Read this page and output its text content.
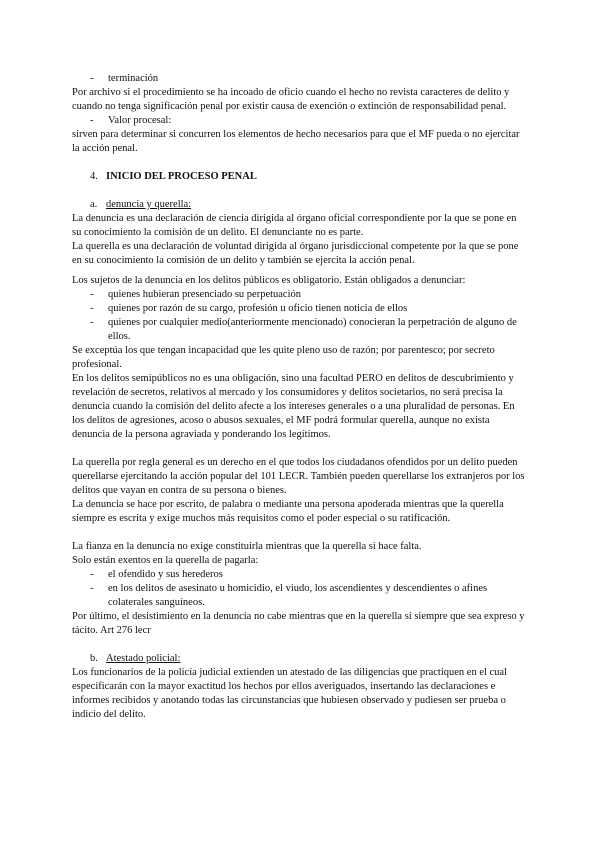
- terminación

Por archivo si el procedimiento se ha incoado de oficio cuando el hecho no revista caracteres de delito y cuando no tenga significación penal por existir causa de exención o extinción de responsabilidad penal.

- Valor procesal:

sirven para determinar si concurren los elementos de hecho necesarios para que el MF pueda o no ejercitar la acción penal.

4. INICIO DEL PROCESO PENAL
a. denuncia y querella:

La denuncia es una declaración de ciencia dirigida al órgano oficial correspondiente por la que se pone en su conocimiento la comisión de un delito. El denunciante no es parte.

La querella es una declaración de voluntad dirigida al órgano jurisdiccional competente por la que se pone en su conocimiento la comisión de un delito y también se ejercita la acción penal.

Los sujetos de la denuncia en los delitos públicos es obligatorio. Están obligados a denunciar:

- quienes hubieran presenciado su perpetuación
- quienes por razón de su cargo, profesión u oficio tienen noticia de ellos
- quienes por cualquier medio(anteriormente mencionado) conocieran la perpetración de alguno de ellos.

Se exceptúa los que tengan incapacidad que les quite pleno uso de razón; por parentesco; por secreto profesional.

En los delitos semipúblicos no es una obligación, sino una facultad PERO en delitos de descubrimiento y revelación de secretos, relativos al mercado y los consumidores y delitos societarios, no será precisa la denuncia cuando la comisión del delito afecte a los intereses generales o a una pluralidad de personas. En los delitos de agresiones, acoso o abusos sexuales, el MF podrá formular querella, aunque no exista denuncia de la persona agraviada y ponderando los legítimos.

La querella por regla general es un derecho en el que todos los ciudadanos ofendidos por un delito pueden querellarse ejercitando la acción popular del 101 LECR. También pueden querellarse los extranjeros por los delitos que vayan en contra de su persona o bienes.

La denuncia se hace por escrito, de palabra o mediante una persona apoderada mientras que la querella siempre es escrita y exige muchos más requisitos como el poder especial o su ratificación.

La fianza en la denuncia no exige constituirla mientras que la querella si hace falta.

Solo están exentos en la querella de pagarla:

- el ofendido y sus herederos
- en los delitos de asesinato u homicidio, el viudo, los ascendientes y descendientes o afines colaterales sanguíneos.

Por último, el desistimiento en la denuncia no cabe mientras que en la querella si siempre que sea expreso y tácito. Art 276 lecr

b. Atestado policial:

Los funcionarios de la policía judicial extienden un atestado de las diligencias que practiquen en el cual especificarán con la mayor exactitud los hechos por ellos averiguados, insertando las declaraciones e informes recibidos y anotando todas las circunstancias que hubiesen observado y pudiesen ser prueba o indicio del delito.
